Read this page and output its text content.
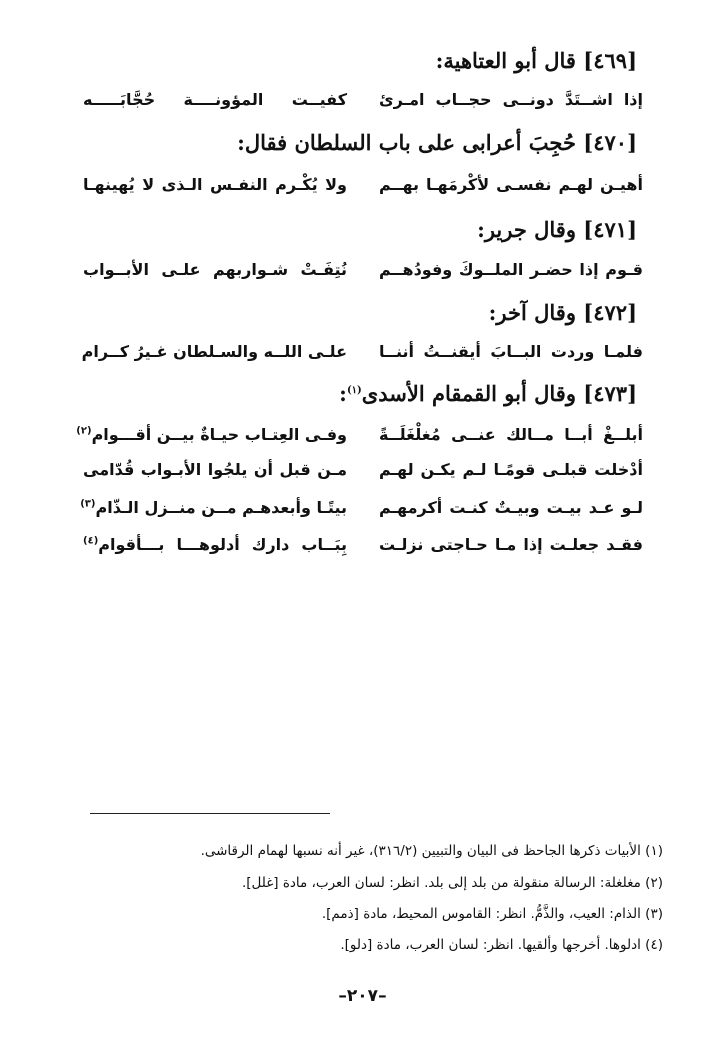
[٤٦٩] قال أبو العتاهية:
إذا اشــتَدَّ دونــى حجــاب امـرئ
كفيــت المؤونــــة حُجَّابَـــــه
[٤٧٠] حُجِبَ أعرابى على باب السلطان فقال:
أهيـن لهـم نفسـى لأكْرمَهـا بهــم
ولا يُكْـرم النفـس الـذى لا يُهينهـا
[٤٧١] وقال جرير:
قـوم إذا حضـر الملــوكَ وفودُهــم
نُتِفَـتْ شـواربهم علـى الأبــواب
[٤٧٢] وقال آخر:
فلمـا وردت البــابَ أيقنــتُ أننــا
علـى اللــه والسـلطان غـيرُ كــرام
[٤٧٣] وقال أبو القمقام الأسدى$^{(١)}$:
أبلــغْ أبــا مــالك عنــى مُغلْغَلَــةً
وفـى العِتـاب حيـاةٌ بيــن أقـــوام$^{(٢)}$
أدْخلت قبلـى قومًـا لـم يكـن لهـم
مـن قبل أن يلجُوا الأبـواب قُدّامى
لـو عـد بيـت وبيـتٌ كنـت أكرمهـم
بيتًـا وأبعدهـم مــن منــزل الـذّام$^{(٣)}$
فقـد جعلـت إذا مـا حـاجتى نزلـت
بِبَــاب دارك أدلوهـــا بـــأقوام$^{(٤)}$
(١) الأبيات ذكرها الجاحظ فى البيان والتبيين (٣١٦/٢)، غير أنه نسبها لهمام الرقاشى.
(٢) مغلغلة: الرسالة منقولة من بلد إلى بلد. انظر: لسان العرب، مادة [غلل].
(٣) الذام: العيب، والذَّمُّ. انظر: القاموس المحيط، مادة [ذمم].
(٤) ادلوها. أخرجها وألقيها. انظر: لسان العرب، مادة [دلو].
–٢٠٧–
